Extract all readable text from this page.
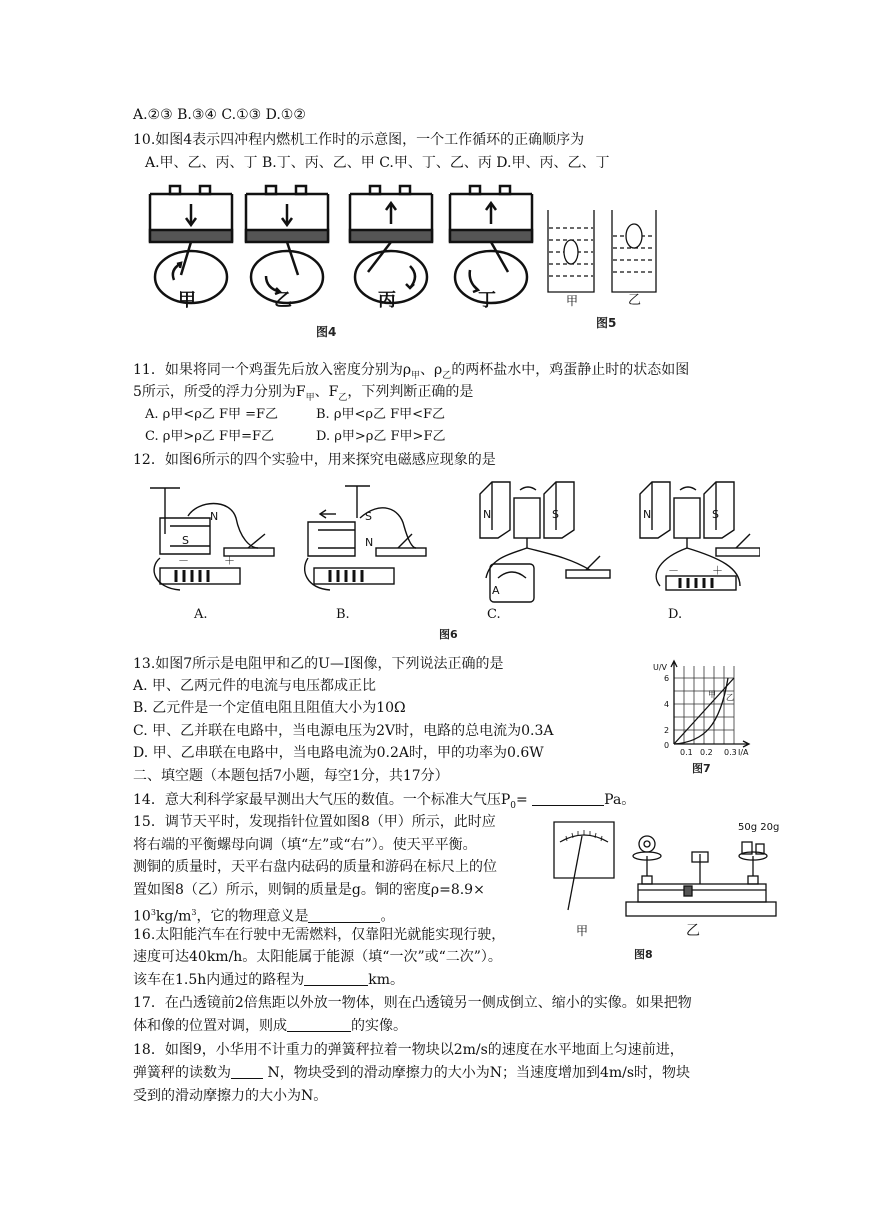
A.②③ B.③④ C.①③ D.①②
10.如图4表示四冲程内燃机工作时的示意图，一个工作循环的正确顺序为
A.甲、乙、丙、丁 B.丁、丙、乙、甲 C.甲、丁、乙、丙 D.甲、丙、乙、丁
甲	乙	丙	丁
图4
甲	乙
图5
11．如果将同一个鸡蛋先后放入密度分别为$\rho_甲$、$\rho_乙$的两杯盐水中，鸡蛋静止时的状态如图
5所示，所受的浮力分别为$F_甲$、$F_乙$，下列判断正确的是
A. ρ甲<ρ乙 F甲 =F乙	B. ρ甲<ρ乙 F甲<F乙
C. ρ甲>ρ乙 F甲=F乙	D. ρ甲>ρ乙 F甲>F乙
12．如图6所示的四个实验中，用来探究电磁感应现象的是
N
S
S
N
N	S
A
N	S
－	＋
－	＋
A.	B.	C.	D.
图6
13.如图7所示是电阻甲和乙的U—I图像，下列说法正确的是
A. 甲、乙两元件的电流与电压都成正比
B. 乙元件是一个定值电阻且阻值大小为10Ω
C. 甲、乙并联在电路中，当电源电压为2V时，电路的总电流为0.3A
D. 甲、乙串联在电路中，当电路电流为0.2A时，甲的功率为0.6W
U/V
6
4
2
0
0.1 0.2 0.3 I/A
甲 乙
图7
二、填空题（本题包括7小题，每空1分，共17分）
14．意大利科学家最早测出大气压的数值。一个标准大气压$P_0=$	Pa。
15．调节天平时，发现指针位置如图8（甲）所示，此时应
将右端的平衡螺母向调（填“左”或“右”）。使天平平衡。
测铜的质量时，天平右盘内砝码的质量和游码在标尺上的位
置如图8（乙）所示，则铜的质量是g。铜的密度ρ=8.9×
$10^3kg/m^3$，它的物理意义是	。
50g 20g
甲	乙
图8
16.太阳能汽车在行驶中无需燃料，仅靠阳光就能实现行驶，
速度可达40km/h。太阳能属于能源（填“一次”或“二次”）。
该车在1.5h内通过的路程为	km。
17．在凸透镜前2倍焦距以外放一物体，则在凸透镜另一侧成倒立、缩小的实像。如果把物
体和像的位置对调，则成	的实像。
18．如图9，小华用不计重力的弹簧秤拉着一物块以2m/s的速度在水平地面上匀速前进，
弹簧秤的读数为 N，物块受到的滑动摩擦力的大小为N；当速度增加到4m/s时，物块
受到的滑动摩擦力的大小为N。
